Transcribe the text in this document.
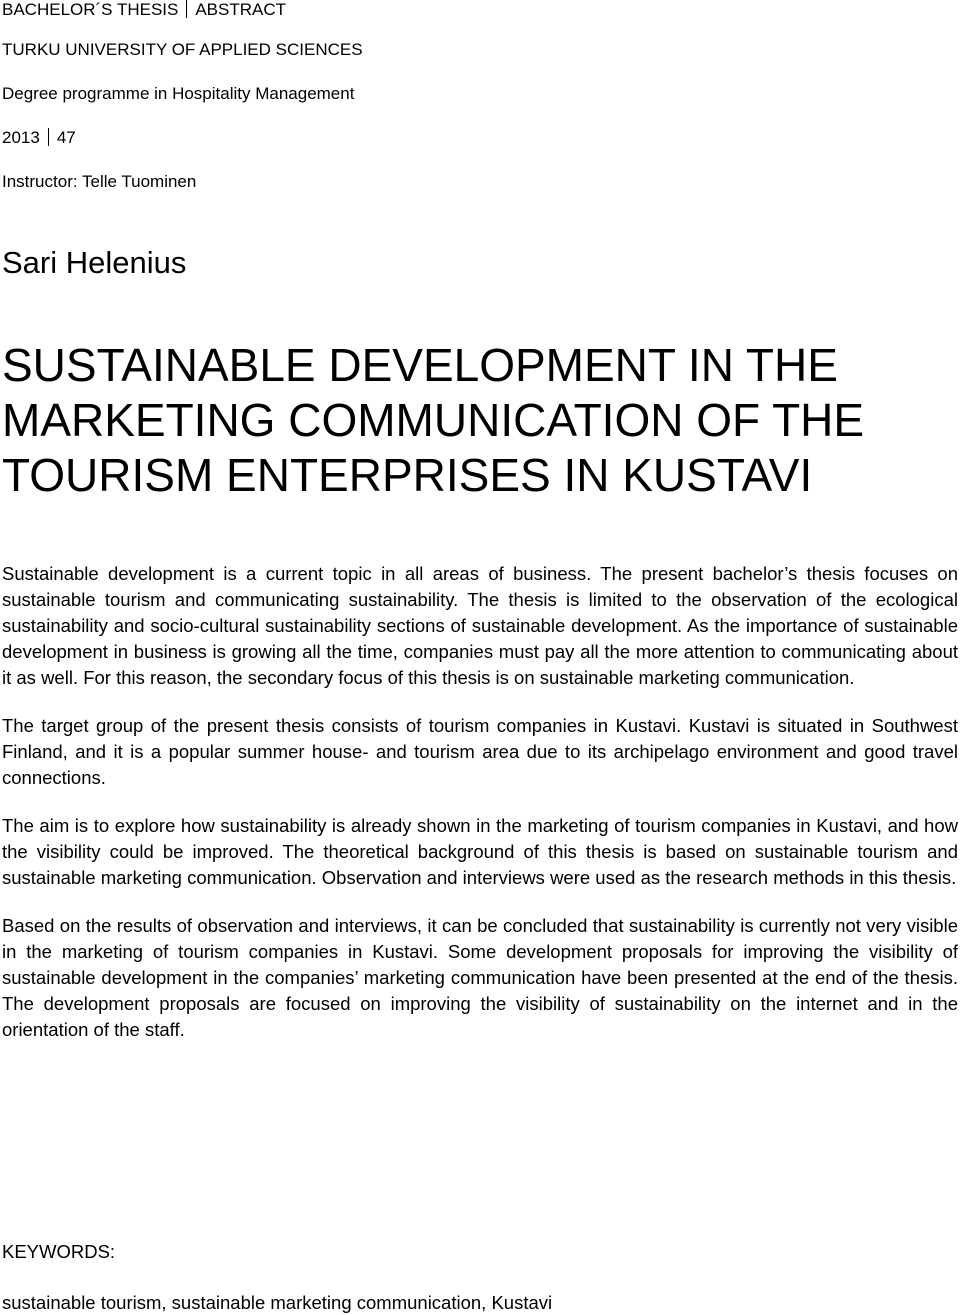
BACHELOR´S THESIS ABSTRACT
TURKU UNIVERSITY OF APPLIED SCIENCES
Degree programme in Hospitality Management
2013 47
Instructor: Telle Tuominen
Sari Helenius
SUSTAINABLE DEVELOPMENT IN THE
MARKETING COMMUNICATION OF THE
TOURISM ENTERPRISES IN KUSTAVI

Sustainable development is a current topic in all areas of business. The present bachelor’s thesis focuses on sustainable tourism and communicating sustainability. The thesis is limited to the observation of the ecological sustainability and socio-cultural sustainability sections of sustainable development. As the importance of sustainable development in business is growing all the time, companies must pay all the more attention to communicating about it as well. For this reason, the secondary focus of this thesis is on sustainable marketing communication.

The target group of the present thesis consists of tourism companies in Kustavi. Kustavi is situated in Southwest Finland, and it is a popular summer house- and tourism area due to its archipelago environment and good travel connections.

The aim is to explore how sustainability is already shown in the marketing of tourism companies in Kustavi, and how the visibility could be improved. The theoretical background of this thesis is based on sustainable tourism and sustainable marketing communication. Observation and interviews were used as the research methods in this thesis.

Based on the results of observation and interviews, it can be concluded that sustainability is currently not very visible in the marketing of tourism companies in Kustavi. Some development proposals for improving the visibility of sustainable development in the companies’ marketing communication have been presented at the end of the thesis. The development proposals are focused on improving the visibility of sustainability on the internet and in the orientation of the staff.

KEYWORDS:
sustainable tourism, sustainable marketing communication, Kustavi
